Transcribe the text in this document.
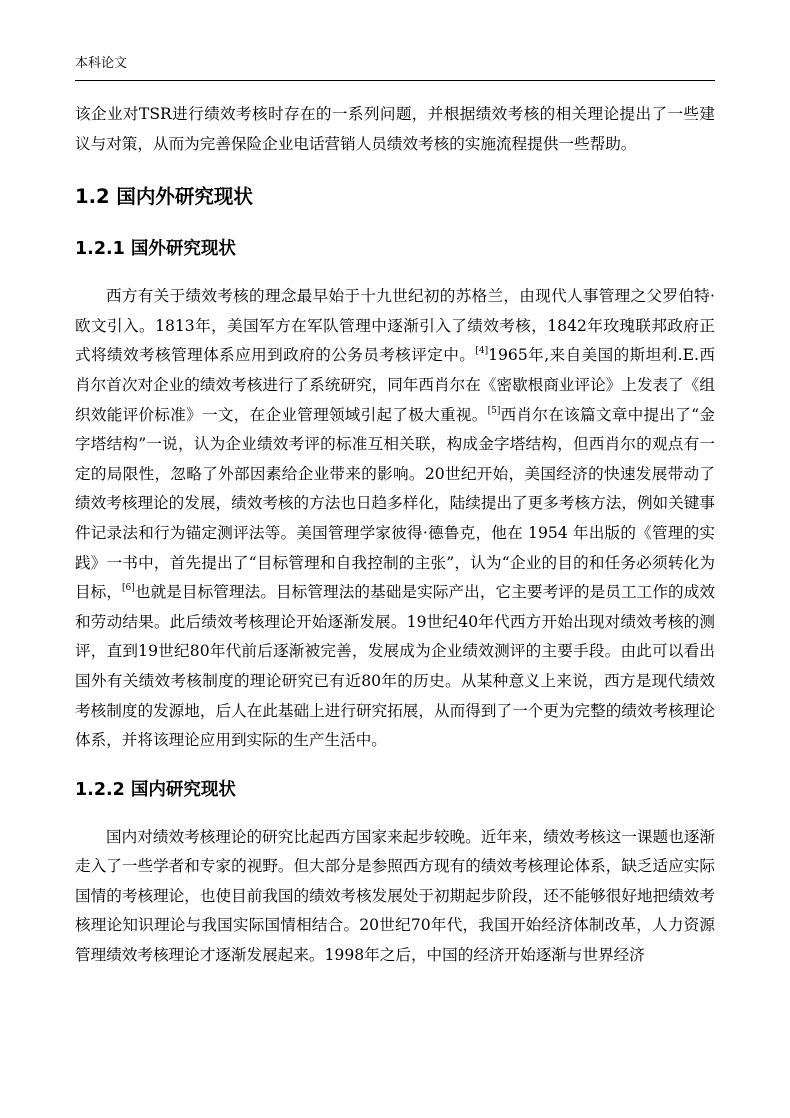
本科论文

该企业对TSR进行绩效考核时存在的一系列问题，并根据绩效考核的相关理论提出了一些建议与对策，从而为完善保险企业电话营销人员绩效考核的实施流程提供一些帮助。

1.2 国内外研究现状
1.2.1 国外研究现状

西方有关于绩效考核的理念最早始于十九世纪初的苏格兰，由现代人事管理之父罗伯特·欧文引入。1813年，美国军方在军队管理中逐渐引入了绩效考核，1842年玫瑰联邦政府正式将绩效考核管理体系应用到政府的公务员考核评定中。[4]1965年,来自美国的斯坦利.E.西肖尔首次对企业的绩效考核进行了系统研究，同年西肖尔在《密歇根商业评论》上发表了《组织效能评价标准》一文，在企业管理领域引起了极大重视。[5]西肖尔在该篇文章中提出了“金字塔结构”一说，认为企业绩效考评的标准互相关联，构成金字塔结构，但西肖尔的观点有一定的局限性，忽略了外部因素给企业带来的影响。20世纪开始，美国经济的快速发展带动了绩效考核理论的发展，绩效考核的方法也日趋多样化，陆续提出了更多考核方法，例如关键事件记录法和行为锚定测评法等。美国管理学家彼得·德鲁克，他在 1954 年出版的《管理的实践》一书中，首先提出了“目标管理和自我控制的主张”，认为“企业的目的和任务必须转化为目标，[6]也就是目标管理法。目标管理法的基础是实际产出，它主要考评的是员工工作的成效和劳动结果。此后绩效考核理论开始逐渐发展。19世纪40年代西方开始出现对绩效考核的测评，直到19世纪80年代前后逐渐被完善，发展成为企业绩效测评的主要手段。由此可以看出国外有关绩效考核制度的理论研究已有近80年的历史。从某种意义上来说，西方是现代绩效考核制度的发源地，后人在此基础上进行研究拓展，从而得到了一个更为完整的绩效考核理论体系，并将该理论应用到实际的生产生活中。

1.2.2 国内研究现状

国内对绩效考核理论的研究比起西方国家来起步较晚。近年来，绩效考核这一课题也逐渐走入了一些学者和专家的视野。但大部分是参照西方现有的绩效考核理论体系，缺乏适应实际国情的考核理论，也使目前我国的绩效考核发展处于初期起步阶段，还不能够很好地把绩效考核理论知识理论与我国实际国情相结合。20世纪70年代，我国开始经济体制改革，人力资源管理绩效考核理论才逐渐发展起来。1998年之后，中国的经济开始逐渐与世界经济
